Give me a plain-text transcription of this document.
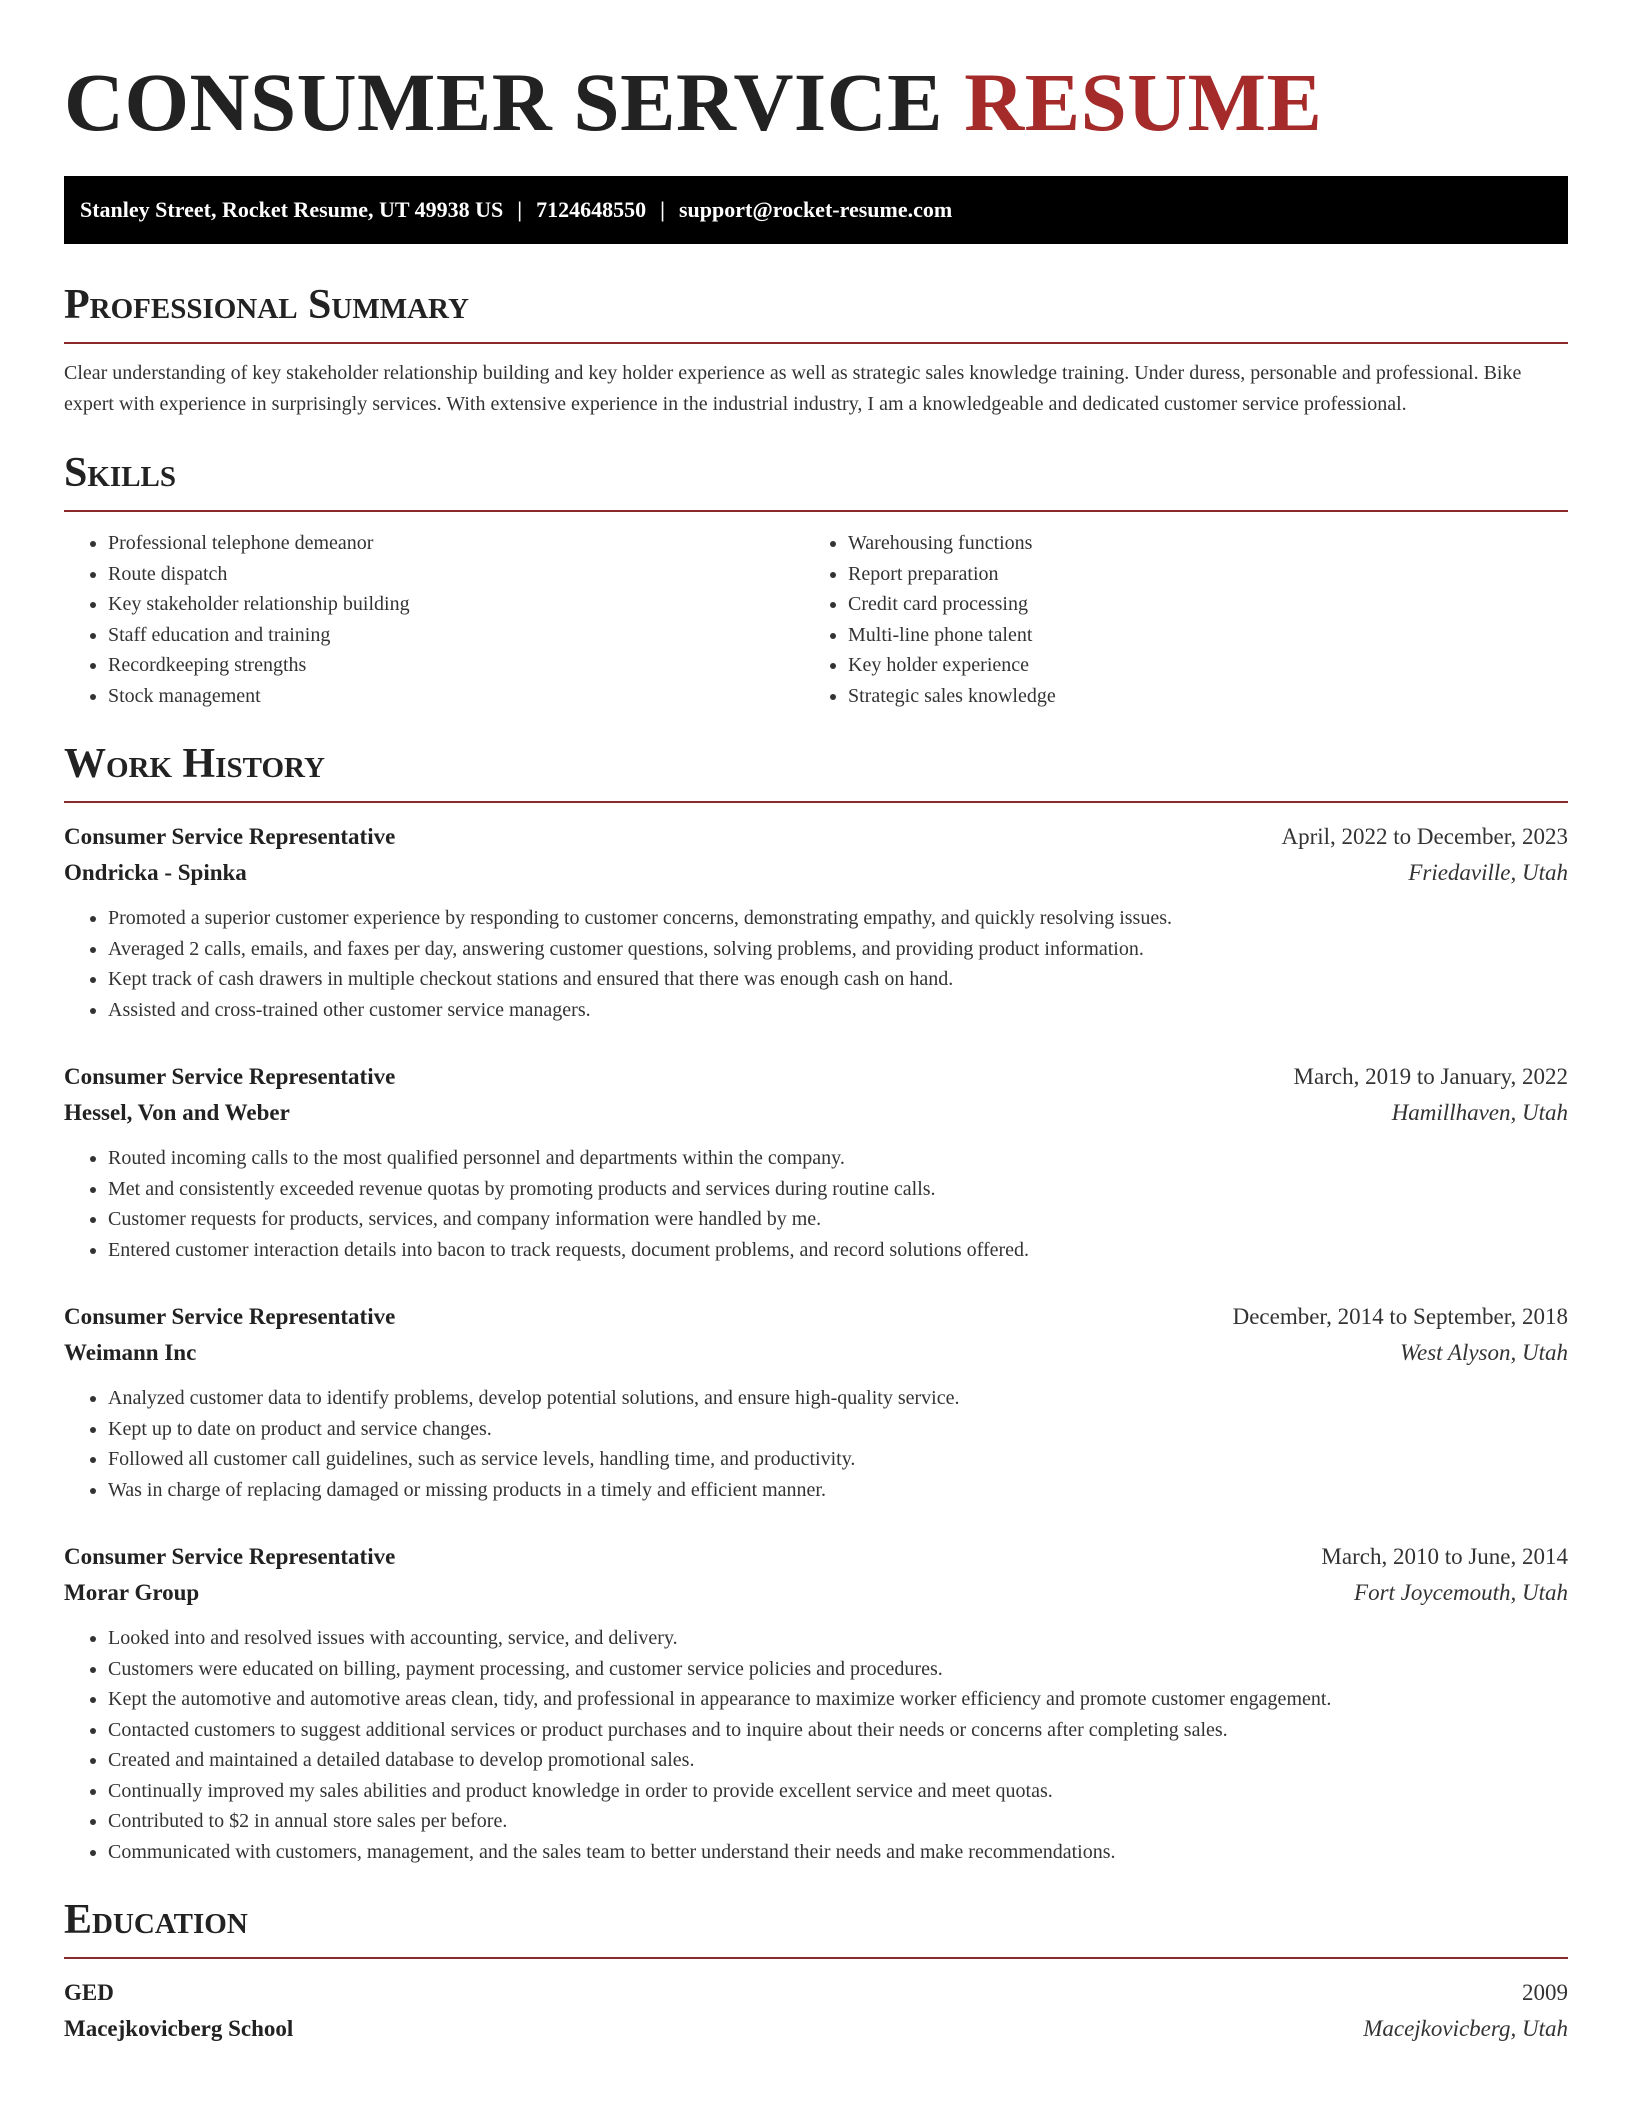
CONSUMER SERVICE RESUME
Stanley Street, Rocket Resume, UT 49938 US | 7124648550 | support@rocket-resume.com
Professional Summary

Clear understanding of key stakeholder relationship building and key holder experience as well as strategic sales knowledge training. Under duress, personable and professional. Bike expert with experience in surprisingly services. With extensive experience in the industrial industry, I am a knowledgeable and dedicated customer service professional.

Skills
• Professional telephone demeanor
• Route dispatch
• Key stakeholder relationship building
• Staff education and training
• Recordkeeping strengths
• Stock management
• Warehousing functions
• Report preparation
• Credit card processing
• Multi-line phone talent
• Key holder experience
• Strategic sales knowledge
Work History
Consumer Service Representative	April, 2022 to December, 2023
Ondricka - Spinka	Friedaville, Utah
• Promoted a superior customer experience by responding to customer concerns, demonstrating empathy, and quickly resolving issues.
• Averaged 2 calls, emails, and faxes per day, answering customer questions, solving problems, and providing product information.
• Kept track of cash drawers in multiple checkout stations and ensured that there was enough cash on hand.
• Assisted and cross-trained other customer service managers.
Consumer Service Representative	March, 2019 to January, 2022
Hessel, Von and Weber	Hamillhaven, Utah
• Routed incoming calls to the most qualified personnel and departments within the company.
• Met and consistently exceeded revenue quotas by promoting products and services during routine calls.
• Customer requests for products, services, and company information were handled by me.
• Entered customer interaction details into bacon to track requests, document problems, and record solutions offered.
Consumer Service Representative	December, 2014 to September, 2018
Weimann Inc	West Alyson, Utah
• Analyzed customer data to identify problems, develop potential solutions, and ensure high-quality service.
• Kept up to date on product and service changes.
• Followed all customer call guidelines, such as service levels, handling time, and productivity.
• Was in charge of replacing damaged or missing products in a timely and efficient manner.
Consumer Service Representative	March, 2010 to June, 2014
Morar Group	Fort Joycemouth, Utah
• Looked into and resolved issues with accounting, service, and delivery.
• Customers were educated on billing, payment processing, and customer service policies and procedures.
• Kept the automotive and automotive areas clean, tidy, and professional in appearance to maximize worker efficiency and promote customer engagement.
• Contacted customers to suggest additional services or product purchases and to inquire about their needs or concerns after completing sales.
• Created and maintained a detailed database to develop promotional sales.
• Continually improved my sales abilities and product knowledge in order to provide excellent service and meet quotas.
• Contributed to $2 in annual store sales per before.
• Communicated with customers, management, and the sales team to better understand their needs and make recommendations.
Education
GED	2009
Macejkovicberg School	Macejkovicberg, Utah
